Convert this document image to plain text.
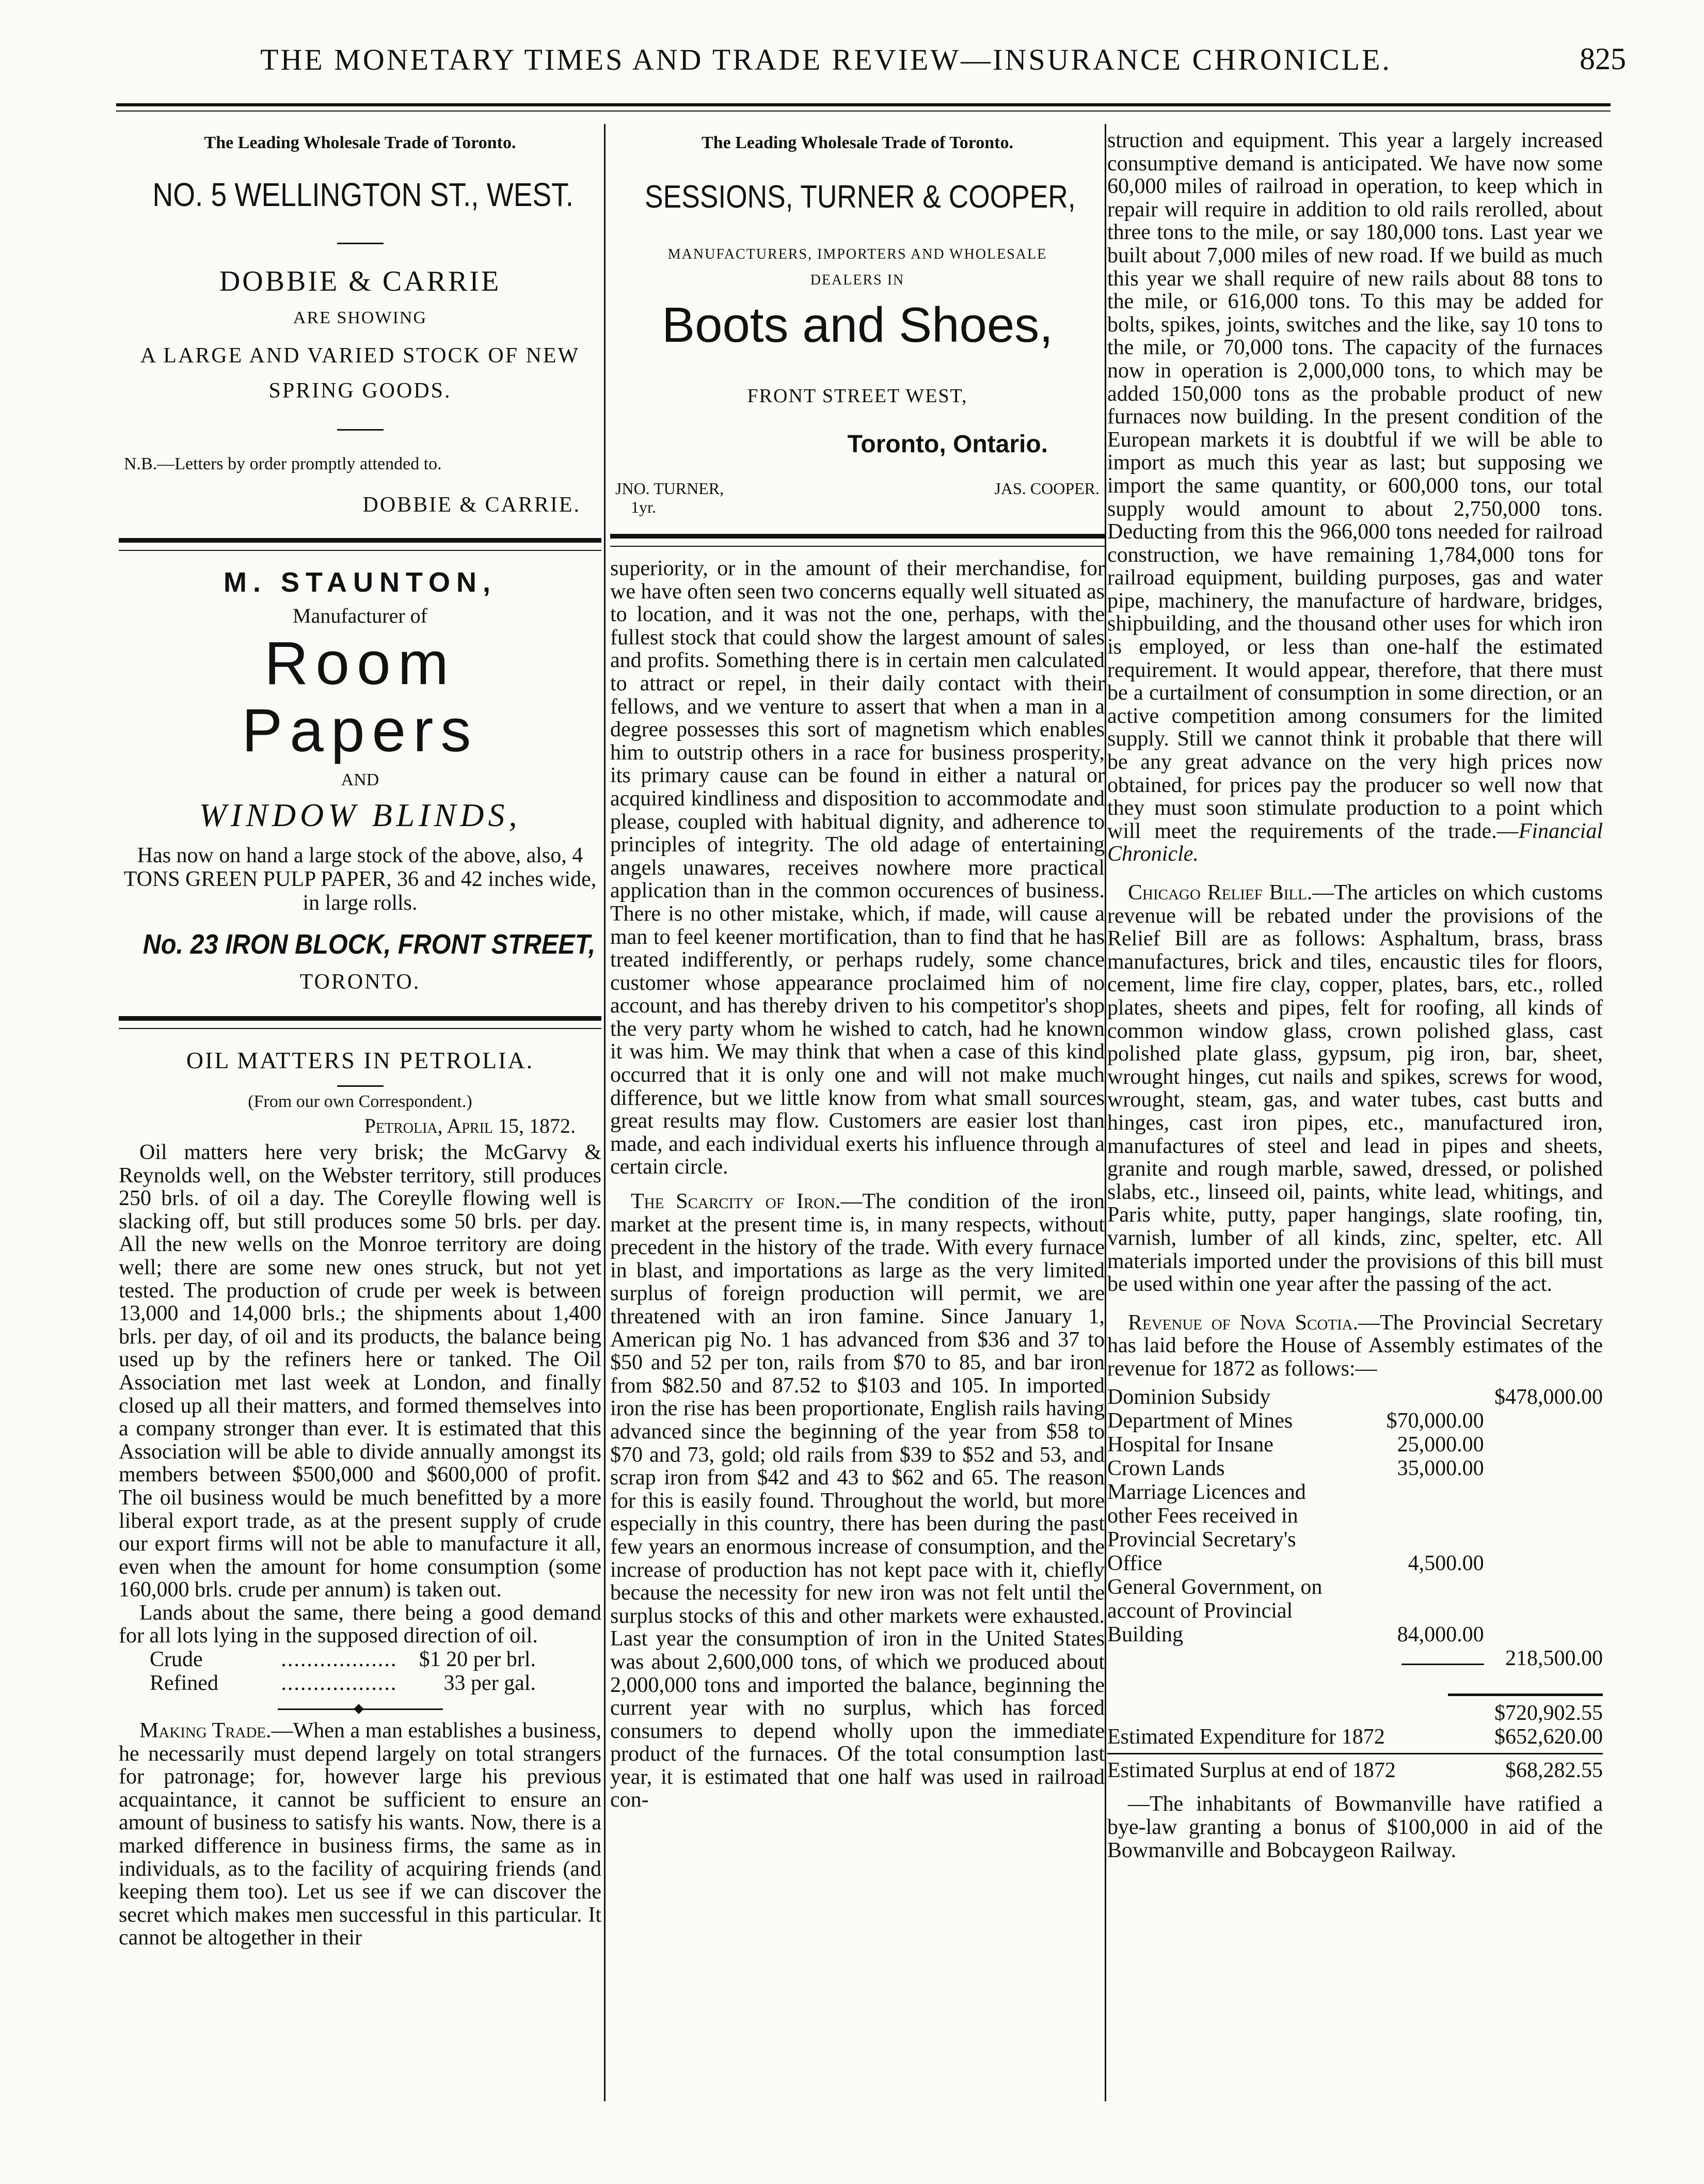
THE MONETARY TIMES AND TRADE REVIEW—INSURANCE CHRONICLE.	825
The Leading Wholesale Trade of Toronto.
NO. 5 WELLINGTON ST., WEST.
DOBBIE & CARRIE
ARE SHOWING
A LARGE AND VARIED STOCK OF NEW SPRING GOODS.
N.B.—Letters by order promptly attended to.
DOBBIE & CARRIE.
M. STAUNTON,
Manufacturer of
Room Papers
AND
WINDOW BLINDS,
Has now on hand a large stock of the above, also, 4 TONS GREEN PULP PAPER, 36 and 42 inches wide, in large rolls.
No. 23 IRON BLOCK, FRONT STREET,
TORONTO.
OIL MATTERS IN PETROLIA.
(From our own Correspondent.)
Petrolia, April 15, 1872.

Oil matters here very brisk; the McGarvy & Reynolds well, on the Webster territory, still produces 250 brls. of oil a day. The Coreylle flowing well is slacking off, but still produces some 50 brls. per day. All the new wells on the Monroe territory are doing well; there are some new ones struck, but not yet tested. The production of crude per week is between 13,000 and 14,000 brls.; the shipments about 1,400 brls. per day, of oil and its products, the balance being used up by the refiners here or tanked. The Oil Association met last week at London, and finally closed up all their matters, and formed themselves into a company stronger than ever. It is estimated that this Association will be able to divide annually amongst its members between $500,000 and $600,000 of profit. The oil business would be much benefitted by a more liberal export trade, as at the present supply of crude our export firms will not be able to manufacture it all, even when the amount for home consumption (some 160,000 brls. crude per annum) is taken out.

Lands about the same, there being a good demand for all lots lying in the supposed direction of oil.

Crude	..................	$1 20 per brl.
Refined	..................	33 per gal.

Making Trade.—When a man establishes a business, he necessarily must depend largely on total strangers for patronage; for, however large his previous acquaintance, it cannot be sufficient to ensure an amount of business to satisfy his wants. Now, there is a marked difference in business firms, the same as in individuals, as to the facility of acquiring friends (and keeping them too). Let us see if we can discover the secret which makes men successful in this particular. It cannot be altogether in their

The Leading Wholesale Trade of Toronto.
SESSIONS, TURNER & COOPER,
MANUFACTURERS, IMPORTERS AND WHOLESALE
DEALERS IN
Boots and Shoes,
FRONT STREET WEST,
Toronto, Ontario.
JNO. TURNER,	JAS. COOPER.
1yr.

superiority, or in the amount of their merchandise, for we have often seen two concerns equally well situated as to location, and it was not the one, perhaps, with the fullest stock that could show the largest amount of sales and profits. Something there is in certain men calculated to attract or repel, in their daily contact with their fellows, and we venture to assert that when a man in a degree possesses this sort of magnetism which enables him to outstrip others in a race for business prosperity, its primary cause can be found in either a natural or acquired kindliness and disposition to accommodate and please, coupled with habitual dignity, and adherence to principles of integrity. The old adage of entertaining angels unawares, receives nowhere more practical application than in the common occurences of business. There is no other mistake, which, if made, will cause a man to feel keener mortification, than to find that he has treated indifferently, or perhaps rudely, some chance customer whose appearance proclaimed him of no account, and has thereby driven to his competitor's shop the very party whom he wished to catch, had he known it was him. We may think that when a case of this kind occurred that it is only one and will not make much difference, but we little know from what small sources great results may flow. Customers are easier lost than made, and each individual exerts his influence through a certain circle.

The Scarcity of Iron.—The condition of the iron market at the present time is, in many respects, without precedent in the history of the trade. With every furnace in blast, and importations as large as the very limited surplus of foreign production will permit, we are threatened with an iron famine. Since January 1, American pig No. 1 has advanced from $36 and 37 to $50 and 52 per ton, rails from $70 to 85, and bar iron from $82.50 and 87.52 to $103 and 105. In imported iron the rise has been proportionate, English rails having advanced since the beginning of the year from $58 to $70 and 73, gold; old rails from $39 to $52 and 53, and scrap iron from $42 and 43 to $62 and 65. The reason for this is easily found. Throughout the world, but more especially in this country, there has been during the past few years an enormous increase of consumption, and the increase of production has not kept pace with it, chiefly because the necessity for new iron was not felt until the surplus stocks of this and other markets were exhausted. Last year the consumption of iron in the United States was about 2,600,000 tons, of which we produced about 2,000,000 tons and imported the balance, beginning the current year with no surplus, which has forced consumers to depend wholly upon the immediate product of the furnaces. Of the total consumption last year, it is estimated that one half was used in railroad con-

struction and equipment. This year a largely increased consumptive demand is anticipated. We have now some 60,000 miles of railroad in operation, to keep which in repair will require in addition to old rails rerolled, about three tons to the mile, or say 180,000 tons. Last year we built about 7,000 miles of new road. If we build as much this year we shall require of new rails about 88 tons to the mile, or 616,000 tons. To this may be added for bolts, spikes, joints, switches and the like, say 10 tons to the mile, or 70,000 tons. The capacity of the furnaces now in operation is 2,000,000 tons, to which may be added 150,000 tons as the probable product of new furnaces now building. In the present condition of the European markets it is doubtful if we will be able to import as much this year as last; but supposing we import the same quantity, or 600,000 tons, our total supply would amount to about 2,750,000 tons. Deducting from this the 966,000 tons needed for railroad construction, we have remaining 1,784,000 tons for railroad equipment, building purposes, gas and water pipe, machinery, the manufacture of hardware, bridges, shipbuilding, and the thousand other uses for which iron is employed, or less than one-half the estimated requirement. It would appear, therefore, that there must be a curtailment of consumption in some direction, or an active competition among consumers for the limited supply. Still we cannot think it probable that there will be any great advance on the very high prices now obtained, for prices pay the producer so well now that they must soon stimulate production to a point which will meet the requirements of the trade.—Financial Chronicle.

Chicago Relief Bill.—The articles on which customs revenue will be rebated under the provisions of the Relief Bill are as follows: Asphaltum, brass, brass manufactures, brick and tiles, encaustic tiles for floors, cement, lime fire clay, copper, plates, bars, etc., rolled plates, sheets and pipes, felt for roofing, all kinds of common window glass, crown polished glass, cast polished plate glass, gypsum, pig iron, bar, sheet, wrought hinges, cut nails and spikes, screws for wood, wrought, steam, gas, and water tubes, cast butts and hinges, cast iron pipes, etc., manufactured iron, manufactures of steel and lead in pipes and sheets, granite and rough marble, sawed, dressed, or polished slabs, etc., linseed oil, paints, white lead, whitings, and Paris white, putty, paper hangings, slate roofing, tin, varnish, lumber of all kinds, zinc, spelter, etc. All materials imported under the provisions of this bill must be used within one year after the passing of the act.

Revenue of Nova Scotia.—The Provincial Secretary has laid before the House of Assembly estimates of the revenue for 1872 as follows:—

Dominion Subsidy		$478,000.00
Department of Mines	$70,000.00	
Hospital for Insane	25,000.00	
Crown Lands	35,000.00	
Marriage Licences and other Fees received in Provincial Secretary's Office	4,500.00	
General Government, on account of Provincial Building	84,000.00	
		218,500.00

		$720,902.55
Estimated Expenditure for 1872		$652,620.00

Estimated Surplus at end of 1872		$68,282.55

—The inhabitants of Bowmanville have ratified a bye-law granting a bonus of $100,000 in aid of the Bowmanville and Bobcaygeon Railway.
